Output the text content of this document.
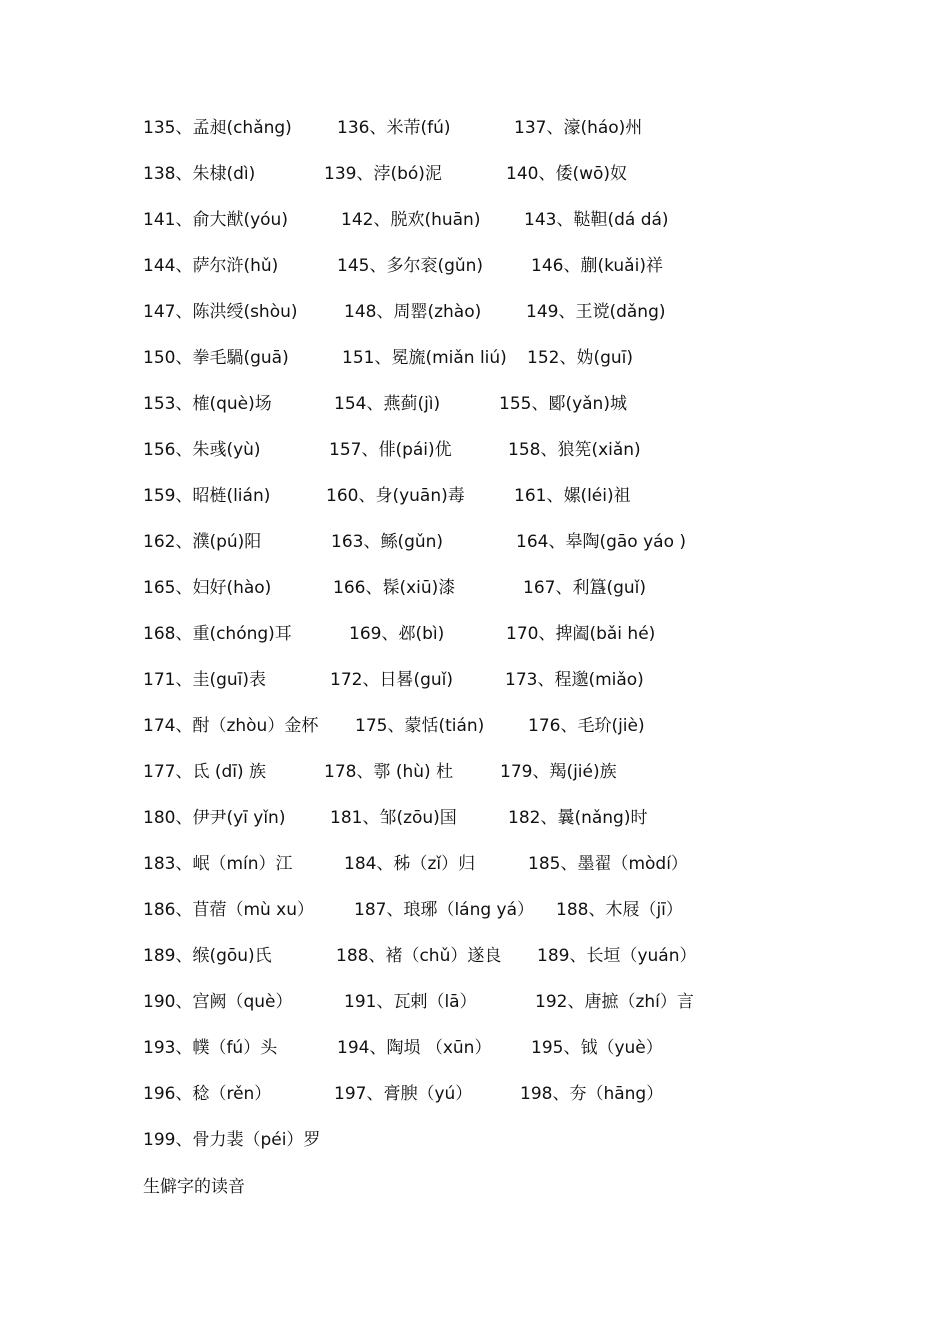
135、孟昶(chǎng)	136、米芾(fú)	137、濠(háo)州
138、朱棣(dì)	139、浡(bó)泥	140、倭(wō)奴
141、俞大猷(yóu)	142、脱欢(huān)	143、鞑靼(dá dá)
144、萨尔浒(hǔ)	145、多尔衮(gǔn)	146、蒯(kuǎi)祥
147、陈洪绶(shòu)	148、周罂(zhào)	149、王谠(dǎng)
150、拳毛騧(guā)	151、冕旒(miǎn liú) 152、妫(guī)
153、榷(què)场	154、燕蓟(jì)	155、郾(yǎn)城
156、朱彧(yù)	157、俳(pái)优	158、狼筅(xiǎn)
159、昭梿(lián)	160、身(yuān)毒	161、嫘(léi)祖
162、濮(pú)阳	163、鲧(gǔn)	164、皋陶(gāo yáo )
165、妇好(hào)	166、髹(xiū)漆	167、利簋(guǐ)
168、重(chóng)耳	169、邲(bì)	170、捭阖(bǎi hé)
171、圭(guī)表	172、日晷(guǐ)	173、程邈(miǎo)
174、酎（zhòu）金杯 175、蒙恬(tián)	176、毛玠(jiè)
177、氐 (dī) 族	178、鄠 (hù) 杜	179、羯(jié)族
180、伊尹(yī yǐn)	181、邹(zōu)国	182、曩(nǎng)时
183、岷（mín）江	184、秭（zǐ）归	185、墨翟（mòdí）
186、苜蓿（mù xu） 187、琅琊（láng yá） 188、木屐（jī）
189、缑(gōu)氏	188、褚（chǔ）遂良 189、长垣（yuán）
190、宫阙（què）	191、瓦剌（lā）	192、唐摭（zhí）言
193、幞（fú）头	194、陶埙 （xūn） 195、钺（yuè）
196、稔（rěn）	197、膏腴（yú）	198、夯（hāng）
199、骨力裴（péi）罗
生僻字的读音
